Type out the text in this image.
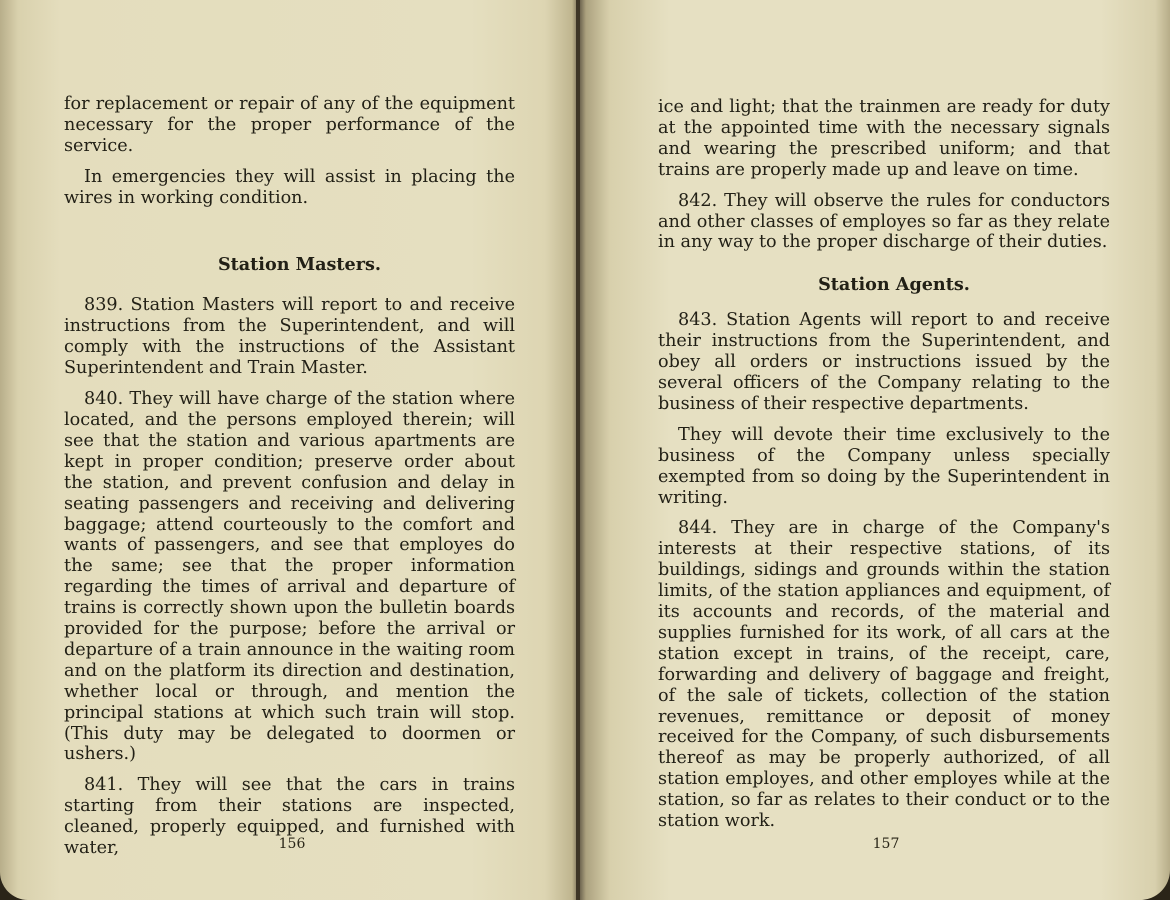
for replacement or repair of any of the equipment necessary for the proper performance of the service.

In emergencies they will assist in placing the wires in working condition.

Station Masters.

839. Station Masters will report to and receive instructions from the Superintendent, and will comply with the instructions of the Assistant Superintendent and Train Master.

840. They will have charge of the station where located, and the persons employed therein; will see that the station and various apartments are kept in proper condition; preserve order about the station, and prevent confusion and delay in seating passengers and receiving and delivering baggage; attend courteously to the comfort and wants of passengers, and see that employes do the same; see that the proper information regarding the times of arrival and departure of trains is correctly shown upon the bulletin boards provided for the purpose; before the arrival or departure of a train announce in the waiting room and on the platform its direction and destination, whether local or through, and mention the principal stations at which such train will stop. (This duty may be delegated to doormen or ushers.)

841. They will see that the cars in trains starting from their stations are inspected, cleaned, properly equipped, and furnished with water,	156

ice and light; that the trainmen are ready for duty at the appointed time with the necessary signals and wearing the prescribed uniform; and that trains are properly made up and leave on time.

842. They will observe the rules for conductors and other classes of employes so far as they relate in any way to the proper discharge of their duties.

Station Agents.

843. Station Agents will report to and receive their instructions from the Superintendent, and obey all orders or instructions issued by the several officers of the Company relating to the business of their respective departments.

They will devote their time exclusively to the business of the Company unless specially exempted from so doing by the Superintendent in writing.

844. They are in charge of the Company's interests at their respective stations, of its buildings, sidings and grounds within the station limits, of the station appliances and equipment, of its accounts and records, of the material and supplies furnished for its work, of all cars at the station except in trains, of the receipt, care, forwarding and delivery of baggage and freight, of the sale of tickets, collection of the station revenues, remittance or deposit of money received for the Company, of such disbursements thereof as may be properly authorized, of all station employes, and other employes while at the station, so far as relates to their conduct or to the station work.

157
